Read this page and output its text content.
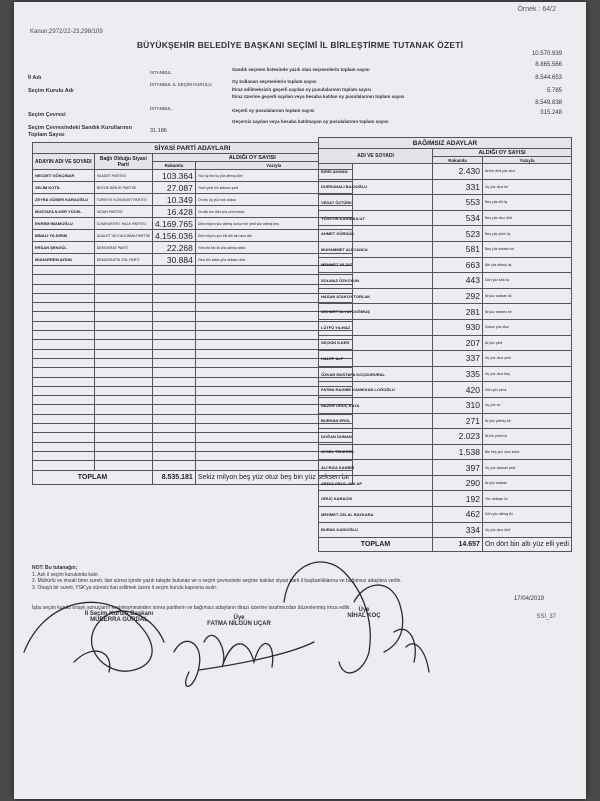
Örnek : 64/2
Kanun;2972/22-23,298/109
BÜYÜKŞEHİR BELEDİYE BAŞKANI SEÇİMİ İL BİRLEŞTİRME TUTANAK ÖZETİ
İl Adı
İSTANBUL
Seçim Kurulu Adı
İSTANBUL İL SEÇİM KURULU
Seçim Çevresi
İSTANBUL
Seçim Çevresindeki Sandık Kurullarının Toplam Sayısı
31.186
Sandık seçmen listesinde yazılı olan seçmenlerin toplam sayısı
10.570.939
Oy kullanan seçmenlerin toplam sayısı
8.865.566
İtiraz edilmeksizin geçerli sayılan oy pusulalarının toplam sayısı
8.544.653
İtiraz üzerine geçerli sayılan veya hesaba katılan oy pusulalarının toplam sayısı
5.785
Geçerli oy pusulalarının toplam sayısı
8.549.838
Geçersiz sayılan veya hesaba katılmayan oy pusulalarının toplam sayısı
315.248
SİYASİ PARTİ ADAYLARI			
ADAYIN ADI VE SOYADI	Bağlı Olduğu Siyasi Parti	ALDIĞI OY SAYISI	
		Rakamla	Yazıyla
NECDET GÖKÇINAR	SAADET PARTİSİ	103.364	Yüz üç bin üç yüz altmış dört
SELİM KOTİL	BÜYÜK BİRLİK PARTİSİ	27.087	Yirmi yedi bin seksen yedi
ZEYRA GÜNER KARAOĞLU	TÜRKİYE KOMÜNİST PARTİSİ	10.349	On bin üç yüz kırk dokuz
MUSTAFA İLKER YÜCEL	VATAN PARTİSİ	16.428	On altı bin dört yüz yirmi sekiz
EKREM İMAMOĞLU	CUMHURİYET HALK PARTİSİ	4.169.765	Dört milyon yüz altmış dokuz bin yedi yüz altmış beş
BİNALİ YILDIRIM	ADALET VE KALKINMA PARTİSİ	4.156.036	Dört milyon yüz elli altı bin otuz altı
ERSAN ŞENGÜL	DEMOKRAT PARTİ	22.268	Yirmi iki bin iki yüz altmış sekiz
MUHARREM AYDIN	DEMOKRATİK SOL PARTİ	30.884	Otuz bin sekiz yüz seksen dört

TOPLAM		8.535.181	Sekiz milyon beş yüz otuz beş bin yüz seksen bir
BAĞIMSIZ ADAYLAR		
ADI VE SOYADI	ALDIĞI OY SAYISI	
	Rakamla	Yazıyla
İDRİS AKMAN	2.430	İki bin dört yüz otuz
DURSUNALİ BACIOĞLU	331	Üç yüz otuz bir
VEDAT ÖZTÜRK	553	Beş yüz elli üç
YÜSEYİN KARABULUT	534	Beş yüz otuz dört
AHMET GÖRDÜK	523	Beş yüz yirmi üç
MUHAMMET ALİ CANCA	581	Beş yüz seksen bir
MEHMET YILDIZ	663	Altı yüz altmış üç
SOLMAZ ÖZKOYUN	443	Dört yüz kırk üç
HASAN ATAKOY TORLAK	292	İki yüz doksan iki
MEHMET ALİ AYDOĞMUŞ	281	İki yüz seksen bir
LÜTFÜ YILMAZ	930	Dokuz yüz otuz
SEÇKİN İLKER	207	İki yüz yedi
HALEP ALP	337	Üç yüz otuz yedi
ÖZKAN MUSTAFA KOÇDURURAL	335	Üç yüz otuz beş
FATMA RAGIBE KANIKKAN LOĞOĞLU	420	Dört yüz yirmi
NAZER ORUÇ KAYA	310	Üç yüz on
BURHAN EROL	271	İki yüz yetmiş bir
DOĞAN DUMAN	2.023	İki bin yirmi üç
AYSEL TEKEREK	1.538	Bin beş yüz otuz sekiz
ALİ RIZA KANBİR	397	Üç yüz doksan yedi
ABDULGELİL GOLAP	290	İki yüz doksan
ORUÇ KARACIK	192	Yüz doksan iki
MEHMET CELAL BAYKARA	462	Dört yüz altmış iki
BURAK KADIOĞLU	334	Üç yüz otuz dört
TOPLAM	14.657	On dört bin altı yüz elli yedi
NOT: Bu tutanağın;
1. Aslı il seçim kurulunda kalır.
2. Mühürlü ve imzalı birer sureti, ilan süresi içinde yazılı talepte bulunan ve o seçim çevresinde seçime katılan siyasi parti il başkanlıklarına ve bağımsız adaylara verilir.
3. Onaylı bir sureti, YSK'ya süresiz ilan edilmek üzere il seçim kurulu kapısına asılır.
İşbu seçim kurulu onaylı sonuçların kesinleşmesinden sonra partilerin ve bağımsız adayların itirazı üzerine tarafımızdan düzenlenmiş imza edilir.
17/04/2019
SSİ_37
İl Seçim Kurulu Başkanı
MÜBERRA GÜRDAL	Üye
FATMA NİLGÜN UÇAR
Üye
NİHAL KOÇ
